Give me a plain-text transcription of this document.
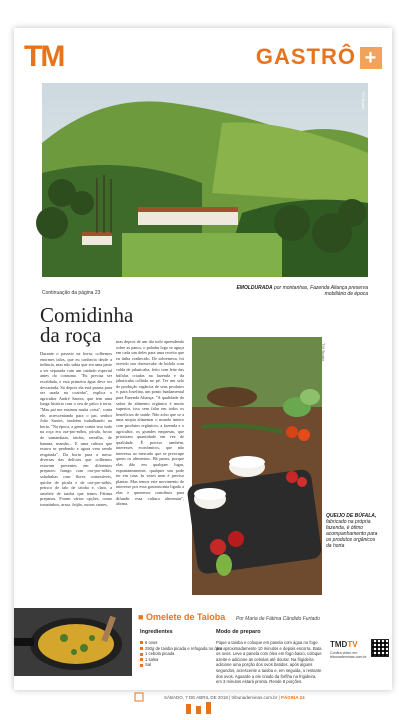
TM	GASTRÔ +
TM Studio
Continuação da página 23
EMOLDURADA por montanhas, Fazenda Aliança preserva mobiliário de época
Comidinha
da roça
Durante o passeio na horta, colhemos enormes talos, que eu conhecia desde a infância, mas não sabia que era uma parte a ser separada com um cuidado especial antes do consumo. "Eu precisa ser escaldada, e esta primeira água deve ser descartada. Só depois ela está pronta para ser usada na cozinha", explica o agricultor André Santos, que tem uma longa história com o seu de palco à terra. "Mas pai me ensinou muita coisa", conta ele, acrescentando para o pai, senhor João Santos, também trabalhando na horta. "Na época, a gente comia isso tudo na roça era ora-pro-nóbis, pícula, broto de samambaia, taioba, serralha, de banana, mamão... E uma cultura que estava se perdendo e agora vem sendo resgatada". Da horta para a mesa: diversas das delícias que colhemos estavam presentes em diferentes preparos: frango com ora-pro-nóbis, saladinhas com flores comestíveis, quiche de pícula e de ora-pro-nóbis, petisco de talo de taioba e, claro, a omelete de taioba que temos Fátima preparou. Foram várias opções, como tomatinhos, arroz, feijão, outras carnes,
mas depois de um dia todo aprendendo sobre as pancs, o paladar logo se aguça em cada um deles para uma receita que eu tinha conhecido. De sobremesa, foi servido um cheesecake de búfala com calda de jabuticaba, feito com leite das búfalas criadas na fazenda e da jabuticaba colhida no pé. Ter um selo de produção orgânica de seus produtos e, para Josefina, um ponto fundamental para Fazenda Aliança. "A qualidade do sabor do alimento orgânico é muito superior, isso sem falar em todos os benefícios de saúde. Não acho que se a uma utopia alimentar o mundo inteiro com produtos orgânicos, a fazenda e o agricultor, os grandes empresas, que priorizam quantidade em vez de qualidade. É preciso também, interesses econômicos, que não interessa ao mercado que se preocupe quem os alimentos. Há pancs, porque elas dão em qualquer lugar, espontaneamente, qualquer um pode ter em casa, às vezes nem é preciso plantar. Mas temos este movimento de interesse por essa gastronomia ligada a elas e queremos contribuir para difundir essa cultura alimentar", afirma.
TM Studio
QUEIJO DE BÚFALA, fabricado na própria fazenda, é ótimo acompanhamento para os produtos orgânicos da horta
■ Omelete de Taioba Por Maria de Fátima Cândido Furtado
Ingredientes
6 ovos
250g de taioba picada e refogada no óleo
1 cebola picada
1 salsa
Sal
Modo de preparo
Pique a taioba e coloque em panela com água no fogo por aproximadamente 10 minutos e depois escorra. Bata os ovos. Leve a panela com óleo em fogo baixo, coloque azeite e adicione as cebolas até dourar. Na frigideira adicione uma porção dos ovos batidos, após alguns segundos, acrescente a taioba e, em seguida, o restante dos ovos. Aguarde a ele criado da forfiha na frigideira, em 3 minutos estará pronta. Rende 8 porções.
TMDTV
Confira vídeo em tribunademinas.com.br
SÁBADO, 7 DE ABRIL DE 2018 | tribunademinas.com.br | PÁGINA 24
